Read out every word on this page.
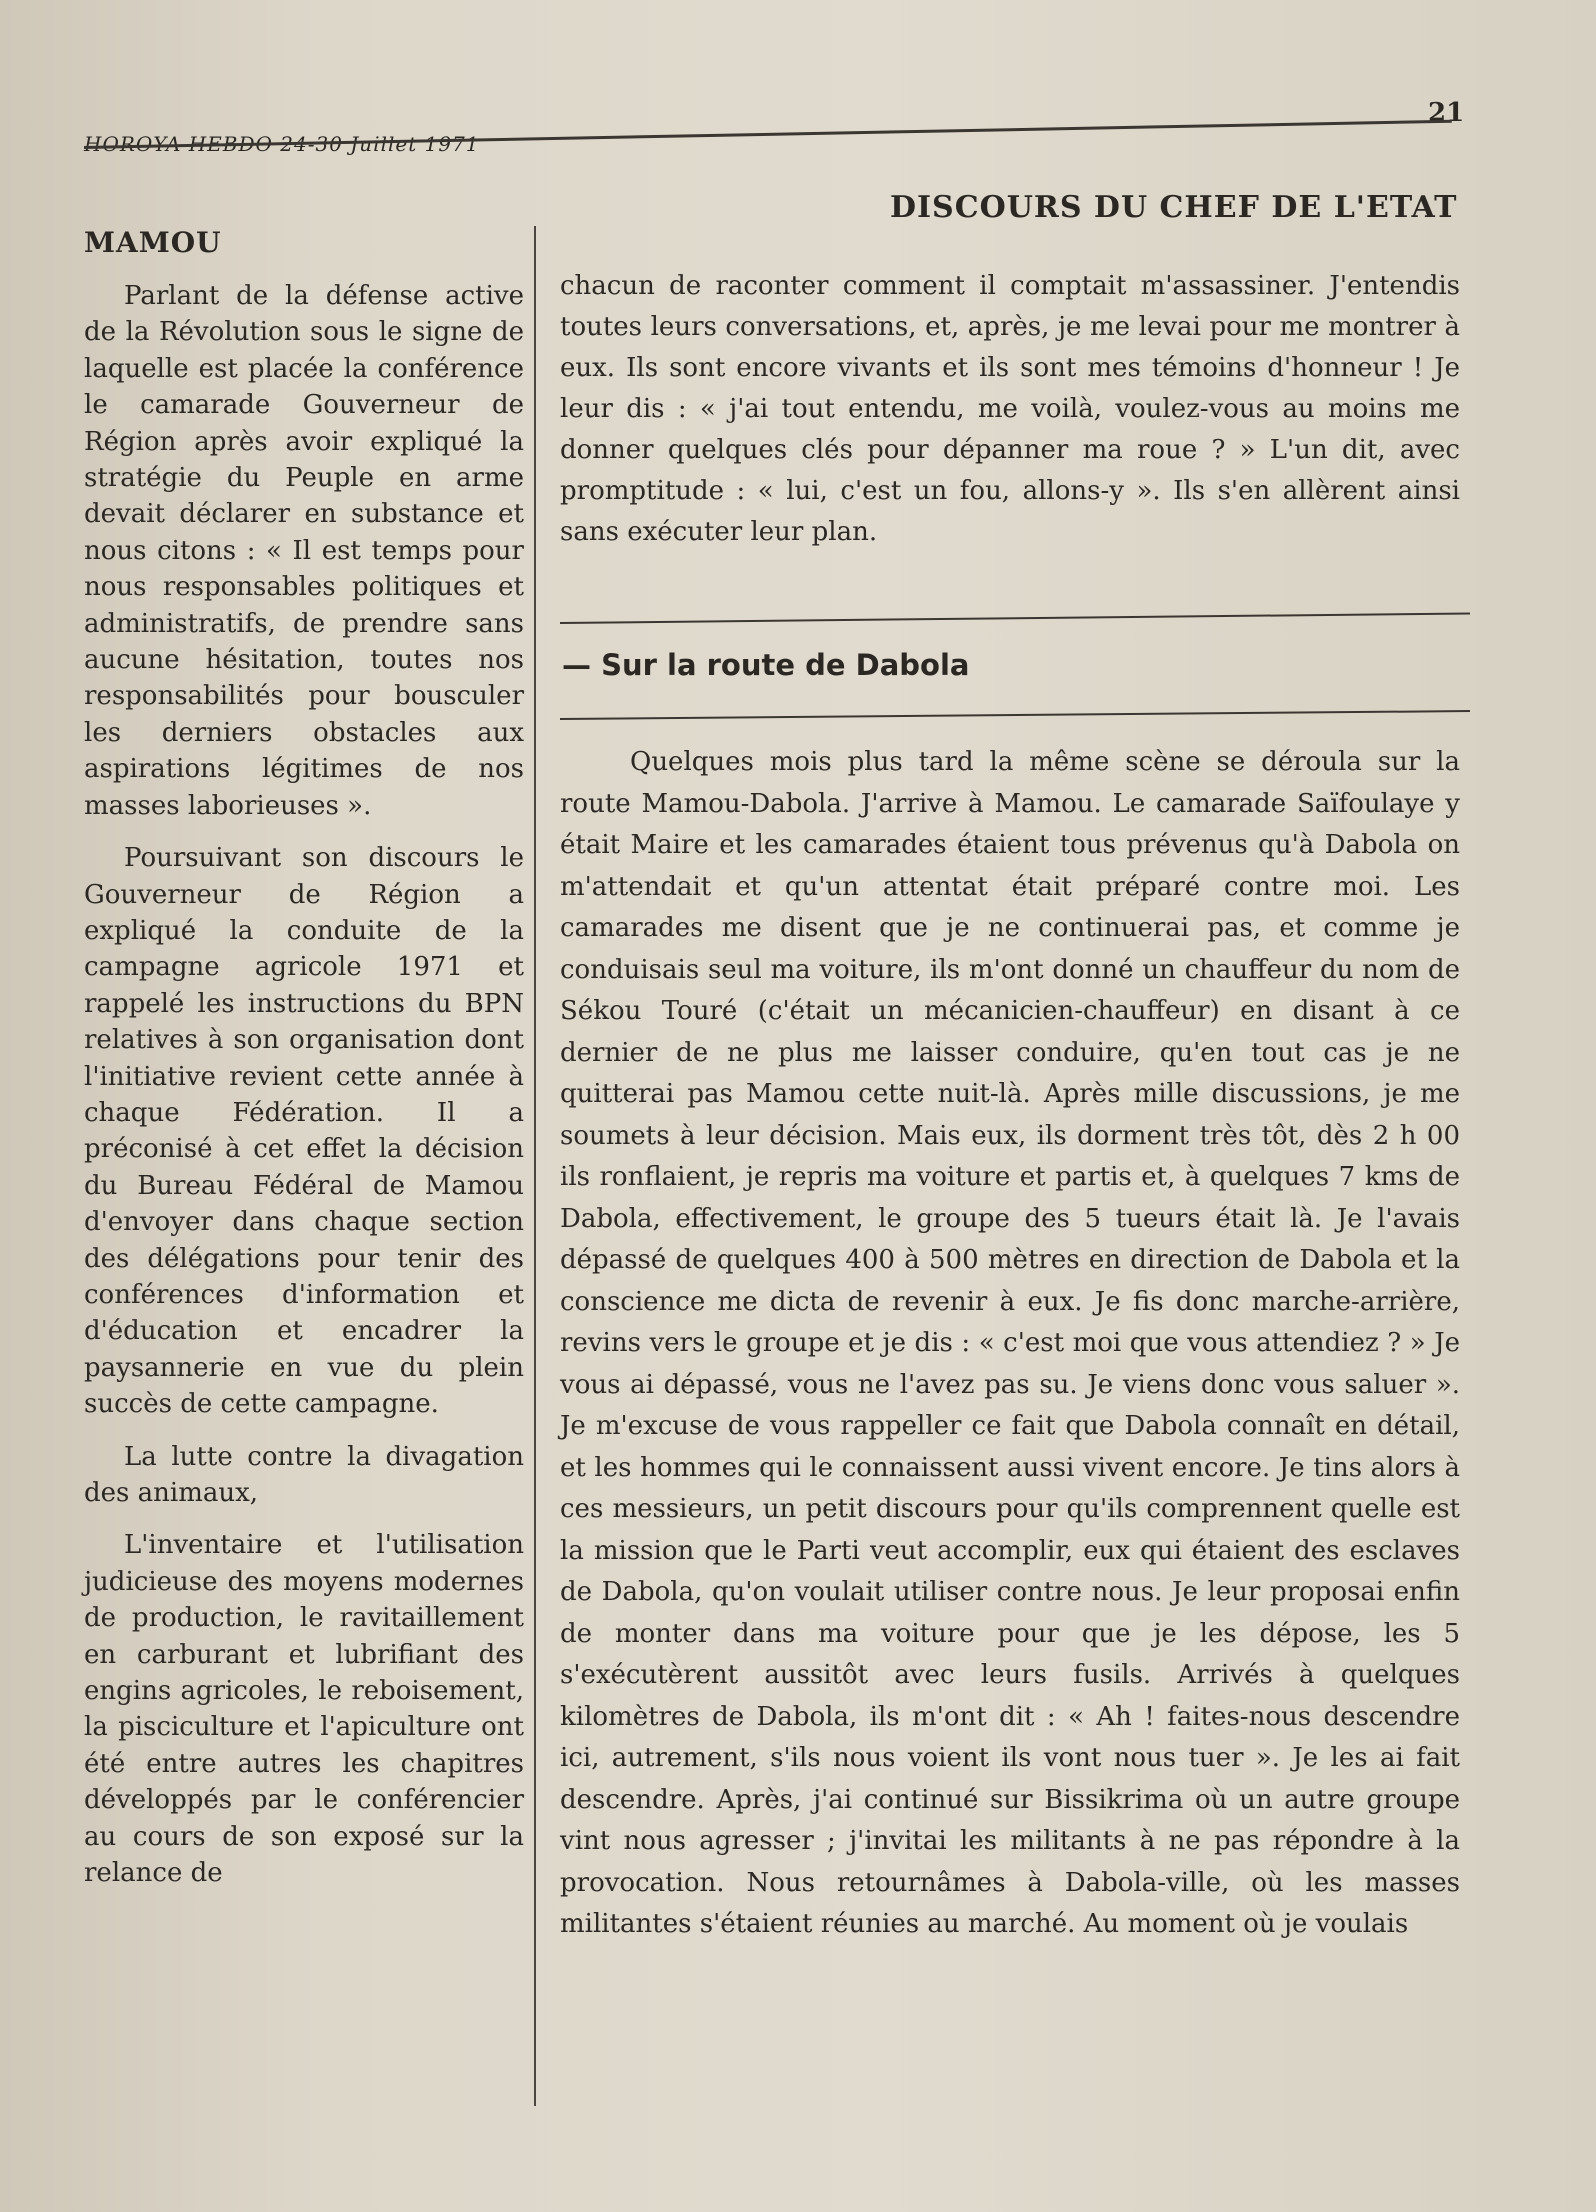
21
HOROYA HEBDO 24-30 Juillet 1971
MAMOU
DISCOURS DU CHEF DE L'ETAT

Parlant de la défense active de la Révolution sous le signe de laquelle est placée la conférence le camarade Gouverneur de Région après avoir expliqué la stratégie du Peuple en arme devait déclarer en substance et nous citons : « Il est temps pour nous responsables politiques et administratifs, de prendre sans aucune hésitation, toutes nos responsabilités pour bousculer les derniers obstacles aux aspirations légitimes de nos masses laborieuses ».

Poursuivant son discours le Gouverneur de Région a expliqué la conduite de la campagne agricole 1971 et rappelé les instructions du BPN relatives à son organisation dont l'initiative revient cette année à chaque Fédération. Il a préconisé à cet effet la décision du Bureau Fédéral de Mamou d'envoyer dans chaque section des délégations pour tenir des conférences d'information et d'éducation et encadrer la paysannerie en vue du plein succès de cette campagne.

La lutte contre la divagation des animaux,

L'inventaire et l'utilisation judicieuse des moyens modernes de production, le ravitaillement en carburant et lubrifiant des engins agricoles, le reboisement, la pisciculture et l'apiculture ont été entre autres les chapitres développés par le conférencier au cours de son exposé sur la relance de

chacun de raconter comment il comptait m'assassiner. J'entendis toutes leurs conversations, et, après, je me levai pour me montrer à eux. Ils sont encore vivants et ils sont mes témoins d'honneur ! Je leur dis : « j'ai tout entendu, me voilà, voulez-vous au moins me donner quelques clés pour dépanner ma roue ? » L'un dit, avec promptitude : « lui, c'est un fou, allons-y ». Ils s'en allèrent ainsi sans exécuter leur plan.

— Sur la route de Dabola

Quelques mois plus tard la même scène se déroula sur la route Mamou-Dabola. J'arrive à Mamou. Le camarade Saïfoulaye y était Maire et les camarades étaient tous prévenus qu'à Dabola on m'attendait et qu'un attentat était préparé contre moi. Les camarades me disent que je ne continuerai pas, et comme je conduisais seul ma voiture, ils m'ont donné un chauffeur du nom de Sékou Touré (c'était un mécanicien-chauffeur) en disant à ce dernier de ne plus me laisser conduire, qu'en tout cas je ne quitterai pas Mamou cette nuit-là. Après mille discussions, je me soumets à leur décision. Mais eux, ils dorment très tôt, dès 2 h 00 ils ronflaient, je repris ma voiture et partis et, à quelques 7 kms de Dabola, effectivement, le groupe des 5 tueurs était là. Je l'avais dépassé de quelques 400 à 500 mètres en direction de Dabola et la conscience me dicta de revenir à eux. Je fis donc marche-arrière, revins vers le groupe et je dis : « c'est moi que vous attendiez ? » Je vous ai dépassé, vous ne l'avez pas su. Je viens donc vous saluer ». Je m'excuse de vous rappeller ce fait que Dabola connaît en détail, et les hommes qui le connaissent aussi vivent encore. Je tins alors à ces messieurs, un petit discours pour qu'ils comprennent quelle est la mission que le Parti veut accomplir, eux qui étaient des esclaves de Dabola, qu'on voulait utiliser contre nous. Je leur proposai enfin de monter dans ma voiture pour que je les dépose, les 5 s'exécutèrent aussitôt avec leurs fusils. Arrivés à quelques kilomètres de Dabola, ils m'ont dit : « Ah ! faites-nous descendre ici, autrement, s'ils nous voient ils vont nous tuer ». Je les ai fait descendre. Après, j'ai continué sur Bissikrima où un autre groupe vint nous agresser ; j'invitai les militants à ne pas répondre à la provocation. Nous retournâmes à Dabola-ville, où les masses militantes s'étaient réunies au marché. Au moment où je voulais
